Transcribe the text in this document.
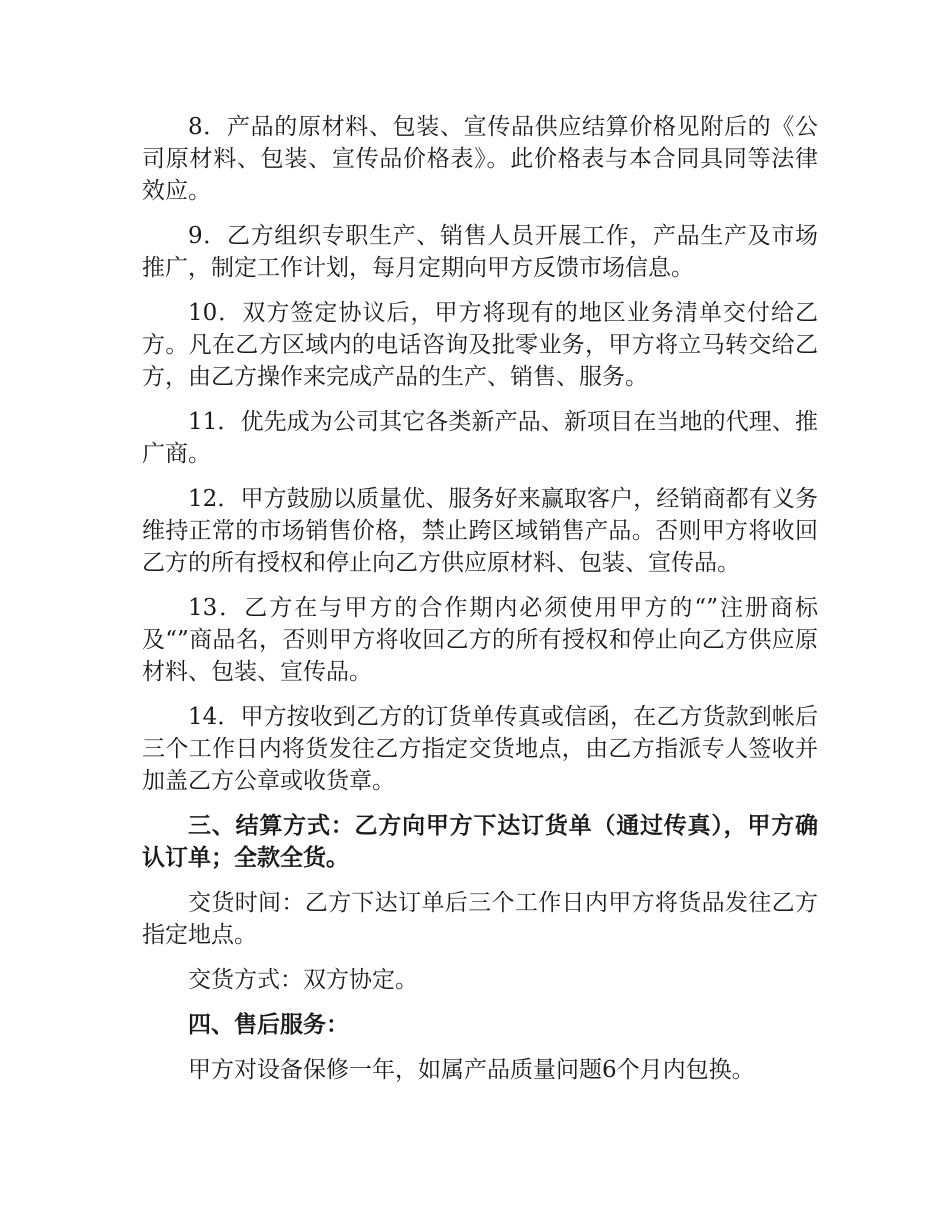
8．产品的原材料、包装、宣传品供应结算价格见附后的《公司原材料、包装、宣传品价格表》。此价格表与本合同具同等法律效应。

9．乙方组织专职生产、销售人员开展工作，产品生产及市场推广，制定工作计划，每月定期向甲方反馈市场信息。

10．双方签定协议后，甲方将现有的地区业务清单交付给乙方。凡在乙方区域内的电话咨询及批零业务，甲方将立马转交给乙方，由乙方操作来完成产品的生产、销售、服务。

11．优先成为公司其它各类新产品、新项目在当地的代理、推广商。

12．甲方鼓励以质量优、服务好来赢取客户，经销商都有义务维持正常的市场销售价格，禁止跨区域销售产品。否则甲方将收回乙方的所有授权和停止向乙方供应原材料、包装、宣传品。

13．乙方在与甲方的合作期内必须使用甲方的“”注册商标及“”商品名，否则甲方将收回乙方的所有授权和停止向乙方供应原材料、包装、宣传品。

14．甲方按收到乙方的订货单传真或信函，在乙方货款到帐后三个工作日内将货发往乙方指定交货地点，由乙方指派专人签收并加盖乙方公章或收货章。

三、结算方式：乙方向甲方下达订货单（通过传真），甲方确认订单；全款全货。

交货时间：乙方下达订单后三个工作日内甲方将货品发往乙方指定地点。

交货方式：双方协定。

四、售后服务：

甲方对设备保修一年，如属产品质量问题6个月内包换。
